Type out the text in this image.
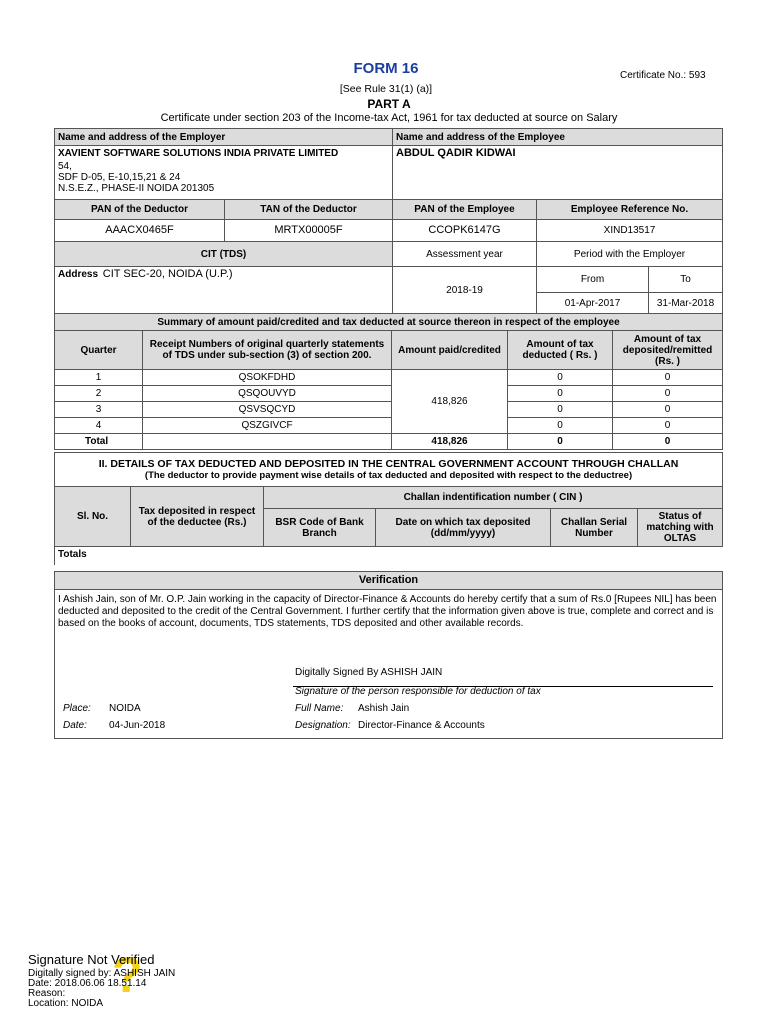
FORM 16	Certificate No.: 593
[See Rule 31(1) (a)]
PART A
Certificate under section 203 of the Income-tax Act, 1961 for tax deducted at source on Salary
Name and address of the Employer		Name and address of the Employee		

XAVIENT SOFTWARE SOLUTIONS INDIA PRIVATE LIMITED
54,
SDF D-05, E-10,15,21 & 24
N.S.E.Z., PHASE-II NOIDA 201305		ABDUL QADIR KIDWAI		
PAN of the Deductor	TAN of the Deductor	PAN of the Employee	Employee Reference No.	
AAACX0465F	MRTX00005F	CCOPK6147G	XIND13517	
CIT (TDS)		Assessment year	Period with the Employer	
Address CIT SEC-20, NOIDA (U.P.)		2018-19	From	To
			01-Apr-2017	31-Mar-2018
Summary of amount paid/credited and tax deducted at source thereon in respect of the employee				
Quarter	Receipt Numbers of original quarterly statements of TDS under sub-section (3) of section 200.	Amount paid/credited	Amount of tax deducted ( Rs. )	Amount of tax deposited/remitted (Rs. )
1	QSOKFDHD	418,826	0	0
2	QSQOUVYD		0	0
3	QSVSQCYD		0	0
4	QSZGIVCF		0	0
Total		418,826	0	0
II. DETAILS OF TAX DEDUCTED AND DEPOSITED IN THE CENTRAL GOVERNMENT ACCOUNT THROUGH CHALLAN
(The deductor to provide payment wise details of tax deducted and deposited with respect to the deductree)					

Sl. No.	Tax deposited in respect of the deductee (Rs.)	Challan indentification number ( CIN )			
		BSR Code of Bank Branch	Date on which tax deposited (dd/mm/yyyy)	Challan Serial Number	Status of matching with OLTAS
Totals					
Verification
I Ashish Jain, son of Mr. O.P. Jain working in the capacity of Director-Finance & Accounts do hereby certify that a sum of Rs.0 [Rupees NIL] has been deducted and deposited to the credit of the Central Government. I further certify that the information given above is true, complete and correct and is based on the books of account, documents, TDS statements, TDS deposited and other available records.
Digitally Signed By ASHISH JAIN
Signature of the person responsible for deduction of tax
Place: NOIDA
Date: 04-Jun-2018
Full Name: Ashish Jain
Designation: Director-Finance & Accounts
?
Signature Not Verified
Digitally signed by: ASHISH JAIN
Date: 2018.06.06 18.51.14
Reason:
Location: NOIDA
